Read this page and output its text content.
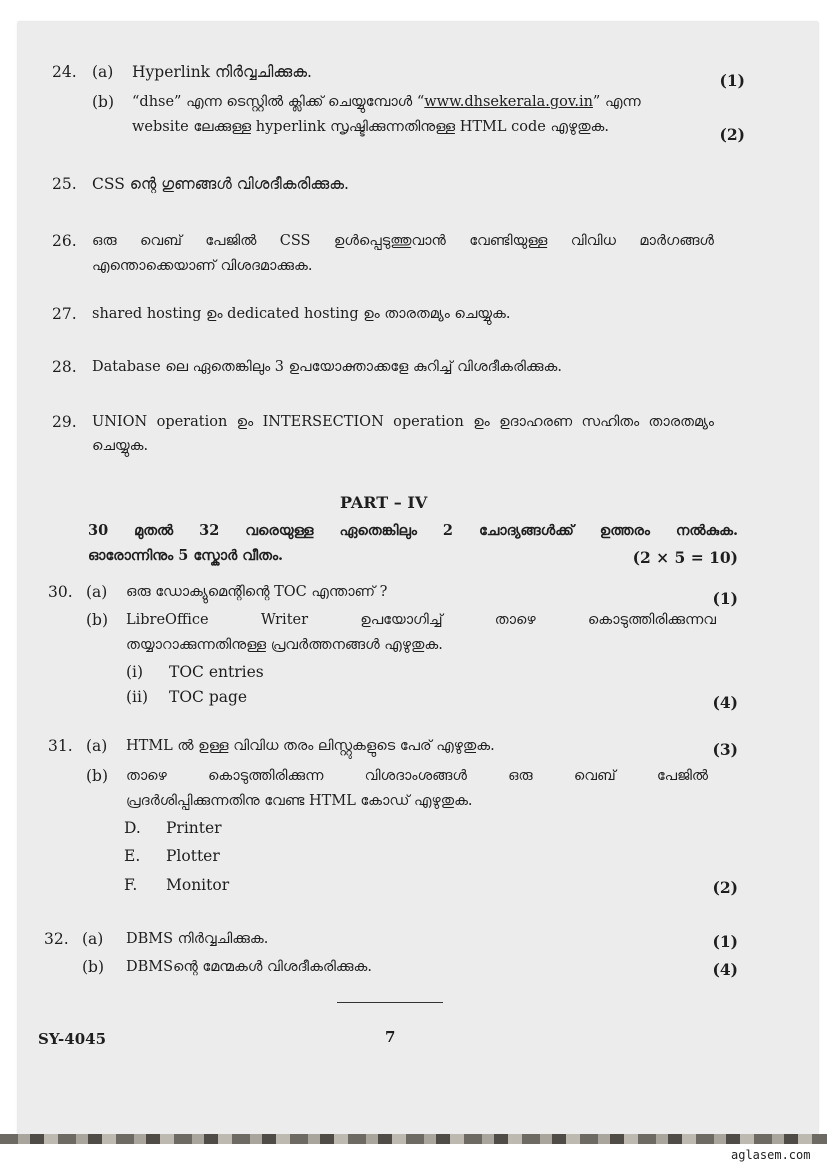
24. (a) Hyperlink നിർവ്വചിക്കുക.	(1)
(b) “dhse” എന്ന ടെസ്റ്റിൽ ക്ലിക്ക് ചെയ്യുമ്പോൾ “www.dhsekerala.gov.in” എന്ന
website ലേക്കുള്ള hyperlink സൃഷ്ടിക്കുന്നതിനുള്ള HTML code എഴുതുക.	(2)
25. CSS ന്റെ ഗുണങ്ങൾ വിശദീകരിക്കുക.
26. ഒരു വെബ് പേജിൽ CSS ഉൾപ്പെടുത്തുവാൻ വേണ്ടിയുള്ള വിവിധ മാർഗങ്ങൾ
എന്തൊക്കെയാണ് വിശദമാക്കുക.
27. shared hosting ഉം dedicated hosting ഉം താരതമ്യം ചെയ്യുക.
28. Database ലെ ഏതെങ്കിലും 3 ഉപയോക്താക്കളേ കുറിച്ച് വിശദീകരിക്കുക.
29. UNION operation ഉം INTERSECTION operation ഉം ഉദാഹരണ സഹിതം താരതമ്യം
ചെയ്യുക.
PART – IV
30 മുതൽ 32 വരെയുള്ള ഏതെങ്കിലും 2 ചോദ്യങ്ങൾക്ക് ഉത്തരം നൽകുക.
ഓരോന്നിനും 5 സ്കോർ വീതം.	(2 × 5 = 10)
30. (a) ഒരു ഡോക്യുമെന്റിന്റെ TOC എന്താണ് ?	(1)
(b) LibreOffice Writer ഉപയോഗിച്ച് താഴെ കൊടുത്തിരിക്കുന്നവ
തയ്യാറാക്കുന്നതിനുള്ള പ്രവർത്തനങ്ങൾ എഴുതുക.
(i) TOC entries
(ii) TOC page	(4)
31. (a) HTML ൽ ഉള്ള വിവിധ തരം ലിസ്റ്റുകളുടെ പേര് എഴുതുക.	(3)
(b) താഴെ കൊടുത്തിരിക്കുന്ന വിശദാംശങ്ങൾ ഒരു വെബ് പേജിൽ
പ്രദർശിപ്പിക്കുന്നതിനു വേണ്ട HTML കോഡ് എഴുതുക.
D. Printer
E. Plotter
F. Monitor	(2)
32. (a) DBMS നിർവ്വചിക്കുക.	(1)
(b) DBMSന്റെ മേന്മകൾ വിശദീകരിക്കുക.	(4)
SY-4045	7
aglasem.com
